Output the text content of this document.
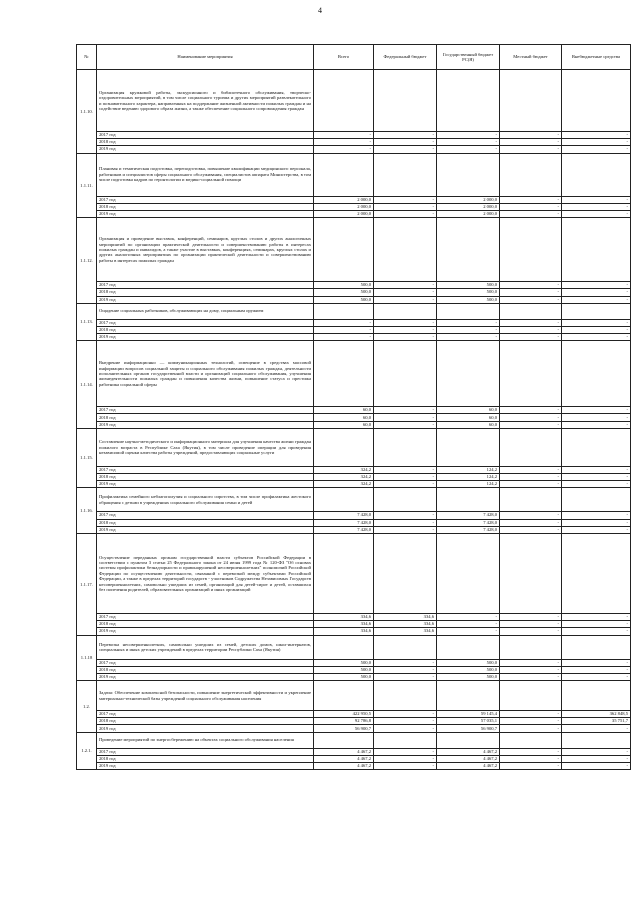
4
№	Наименование мероприятия	Всего	Федеральный бюджет	Государственный бюджет РС(Я)	Местный бюджет	Внебюджетные средства
1.1.10.	Организация кружковой работы, экскурсионного и библиотечного обслуживания, творческо-оздоровительных мероприятий, в том числе социального туризма и других мероприятий развлекательного и познавательного характера, направленных на поддержание жизненной активности пожилых граждан и на содействие ведению здорового образа жизни, а также обеспечение социального сопровождения граждан					
	2017 год	-	-	-	-	-
	2018 год	-	-	-	-	-
	2019 год	-	-	-	-	-
1.1.11.	Плановая и тематическая подготовка, переподготовка, повышение квалификации медицинского персонала, работников и специалистов сферы социального обслуживания, специалистов аппарата Министерства, в том числе подготовка кадров по геронтологии и медико-социальной помощи					
	2017 год	2 000,0	-	2 000,0	-	-
	2018 год	2 000,0	-	2 000,0	-	-
	2019 год	2 000,0	-	2 000,0	-	-
1.1.12.	Организация и проведение выставок, конференций, семинаров, круглых столов и других аналогичных мероприятий по организации практической деятельности и совершенствованию работы в интересах пожилых граждан и инвалидов, а также участие в выставках, конференциях, семинарах, круглых столах и других аналогичных мероприятиях по организации практической деятельности и совершенствованию работы в интересах пожилых граждан					
	2017 год	500,0	-	500,0	-	-
	2018 год	500,0	-	500,0	-	-
	2019 год	500,0	-	500,0	-	-
1.1.13.	Ощадение социальных работников, обслуживающих на дому, социальным оружием					
	2017 год	-	-	-	-	-
	2018 год	-	-	-	-	-
	2019 год	-	-	-	-	-
1.1.14.	Внедрение информационно — коммуникационных технологий, освещение в средствах массовой информации вопросов социальной защиты и социального обслуживания пожилых граждан, деятельности исполнительных органов государственной власти и организаций социального обслуживания, улучшения жизнедеятельности пожилых граждан и повышения качества жизни, повышение статуса и престижа работника социальной сферы					
	2017 год	60,0	-	60,0	-	-
	2018 год	60,0	-	60,0	-	-
	2019 год	60,0	-	60,0	-	-
1.1.15.	Составление научно-методического и информационного материала для улучшения качества жизни граждан пожилого возраста в Республике Саха (Якутия), в том числе проведение операции для проведения независимой оценки качества работы учреждений, предоставляющих социальные услуги					
	2017 год	324,2	-	124,2	-	-
	2018 год	324,2	-	124,2	-	-
	2019 год	324,2	-	124,2	-	-
1.1.16.	Профилактика семейного неблагополучия и социального сиротства, в том числе профилактика жестокого обращения с детьми в учреждениях социального обслуживания семьи и детей					
	2017 год	7 428,0	-	7 428,0	-	-
	2018 год	7 428,0	-	7 428,0	-	-
	2019 год	7 428,0	-	7 428,0	-	-
1.1.17.	Осуществление переданных органам государственной власти субъектов Российской Федерации в соответствии с пунктом 3 статьи 25 Федерального закона от 24 июня 1999 года № 120-ФЗ "Об основах системы профилактики безнадзорности и правонарушений несовершеннолетних" полномочий Российской Федерации по осуществлению деятельности, связанной с перевозкой между субъектами Российской Федерации, а также в пределах территорий государств - участников Содружества Независимых Государств несовершеннолетних, самовольно ушедших из семей, организаций для детей-сирот и детей, оставшихся без попечения родителей, образовательных организаций и иных организаций					
	2017 год	334,6	334,6	-	-	-
	2018 год	334,6	334,6	-	-	-
	2019 год	334,6	334,6	-	-	-
1.1.18	Перевозка несовершеннолетних, самовольно ушедших из семей, детских домов, школ-интернатов, специальных и иных детских учреждений в пределах территории Республики Саха (Якутия)					
	2017 год	500,0	-	500,0	-	-
	2018 год	500,0	-	500,0	-	-
	2019 год	500,0	-	500,0	-	-
1.2.	Задача: Обеспечение комплексной безопасности, повышение энергетической эффективности и укрепление материально-технической базы учреждений социального обслуживания населения					
	2017 год	422 950,5	-	59 145,4	-	362 848,5
	2018 год	92 786,8	-	57 035,1	-	35 751,7
	2019 год	56 900,7	-	56 900,7	-	-
1.2.1.	Проведение мероприятий по энергосбережению на объектах социального обслуживания населения					
	2017 год	4 467,2	-	4 467,2	-	-
	2018 год	4 467,2	-	4 467,2	-	-
	2019 год	4 467,2	-	4 467,2	-	-
